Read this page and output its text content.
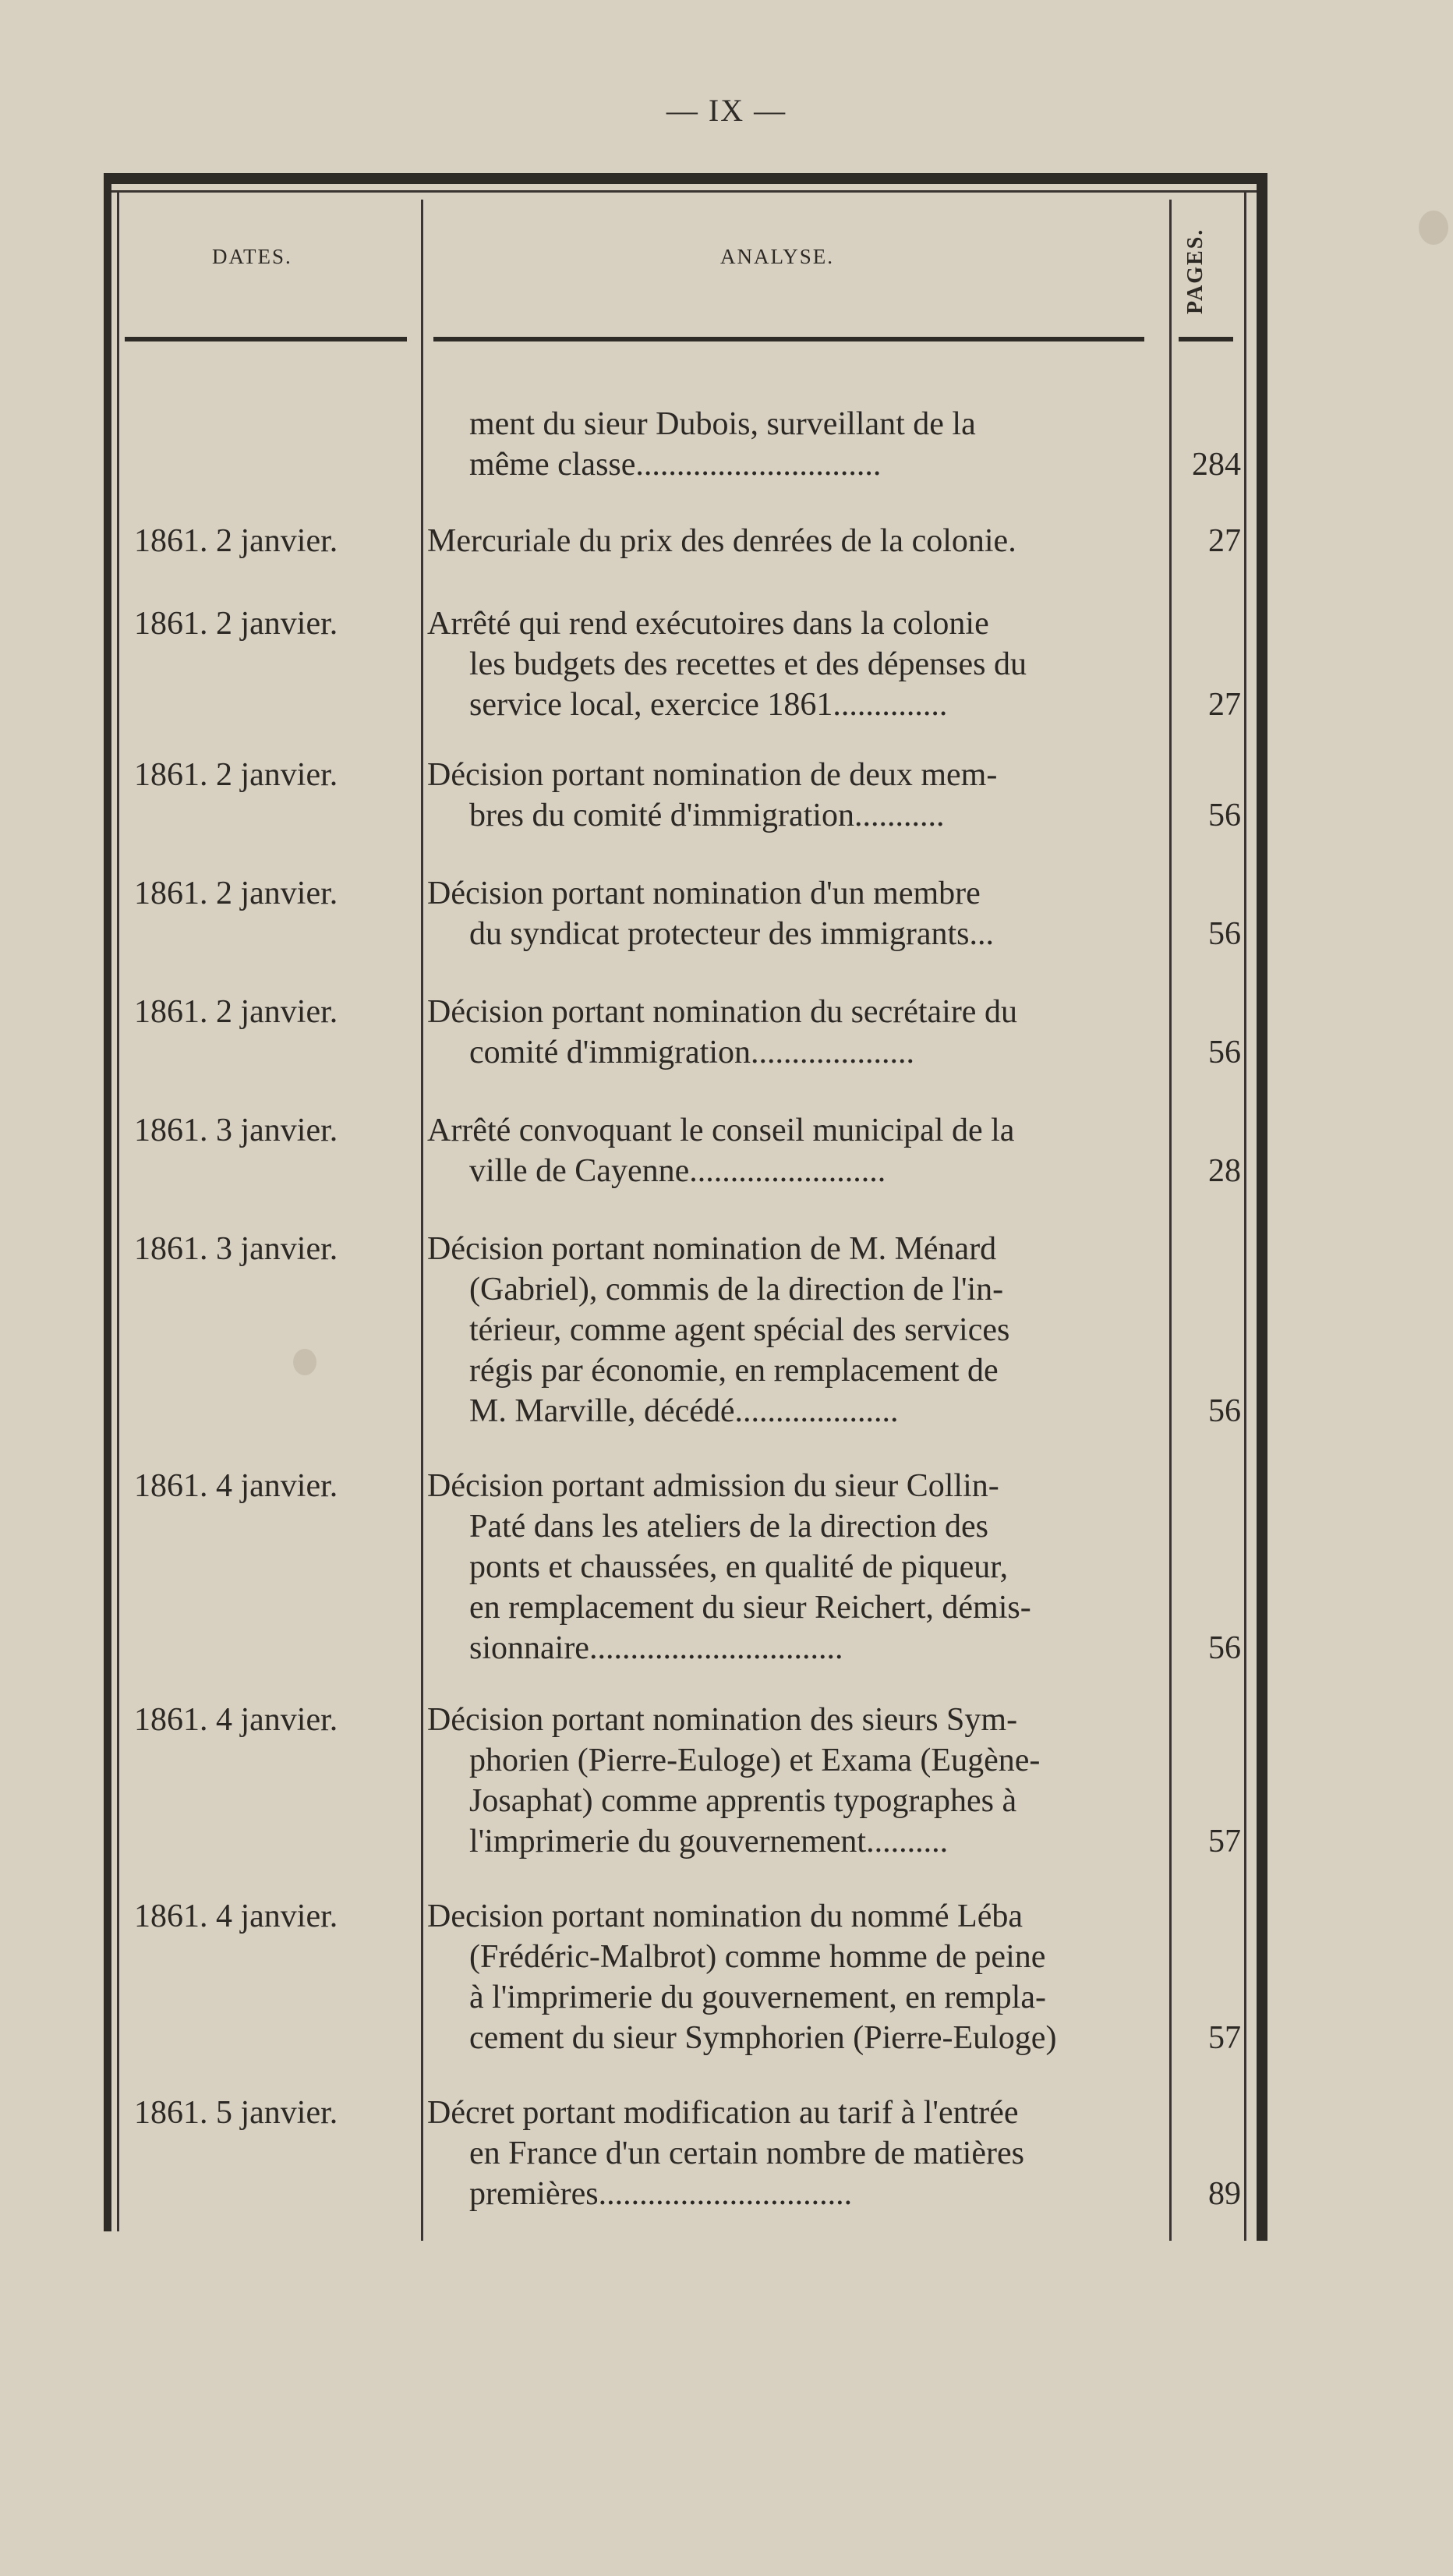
— IX —
DATES.	ANALYSE.	PAGES.
ment du sieur Dubois, surveillant de la
même classe..............................	284
1861. 2 janvier.	Mercuriale du prix des denrées de la colonie.	27
1861. 2 janvier.	Arrêté qui rend exécutoires dans la colonie
les budgets des recettes et des dépenses du
service local, exercice 1861..............	27
1861. 2 janvier.	Décision portant nomination de deux mem-
bres du comité d'immigration...........	56
1861. 2 janvier.	Décision portant nomination d'un membre
du syndicat protecteur des immigrants...	56
1861. 2 janvier.	Décision portant nomination du secrétaire du
comité d'immigration....................	56
1861. 3 janvier.	Arrêté convoquant le conseil municipal de la
ville de Cayenne........................	28
1861. 3 janvier.	Décision portant nomination de M. Ménard
(Gabriel), commis de la direction de l'in-
térieur, comme agent spécial des services
régis par économie, en remplacement de
M. Marville, décédé....................	56
1861. 4 janvier.	Décision portant admission du sieur Collin-
Paté dans les ateliers de la direction des
ponts et chaussées, en qualité de piqueur,
en remplacement du sieur Reichert, démis-
sionnaire...............................	56
1861. 4 janvier.	Décision portant nomination des sieurs Sym-
phorien (Pierre-Euloge) et Exama (Eugène-
Josaphat) comme apprentis typographes à
l'imprimerie du gouvernement..........	57
1861. 4 janvier.	Decision portant nomination du nommé Léba
(Frédéric-Malbrot) comme homme de peine
à l'imprimerie du gouvernement, en rempla-
cement du sieur Symphorien (Pierre-Euloge)	57
1861. 5 janvier.	Décret portant modification au tarif à l'entrée
en France d'un certain nombre de matières
premières...............................	89
